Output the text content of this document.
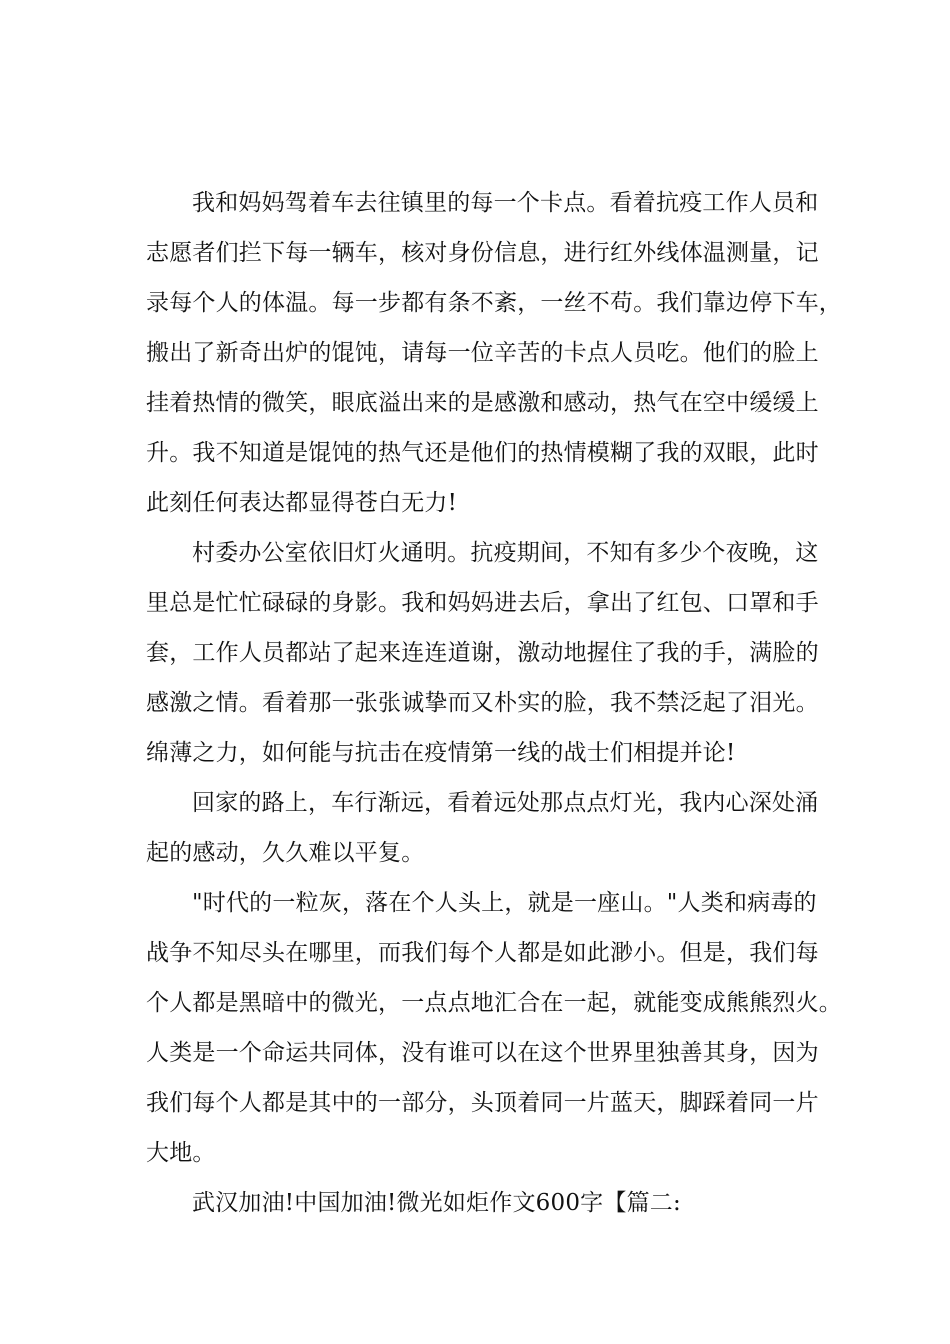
我和妈妈驾着车去往镇里的每一个卡点。看着抗疫工作人员和
志愿者们拦下每一辆车，核对身份信息，进行红外线体温测量，记
录每个人的体温。每一步都有条不紊，一丝不苟。我们靠边停下车，
搬出了新奇出炉的馄饨，请每一位辛苦的卡点人员吃。他们的脸上
挂着热情的微笑，眼底溢出来的是感激和感动，热气在空中缓缓上
升。我不知道是馄饨的热气还是他们的热情模糊了我的双眼，此时
此刻任何表达都显得苍白无力!
村委办公室依旧灯火通明。抗疫期间，不知有多少个夜晚，这
里总是忙忙碌碌的身影。我和妈妈进去后，拿出了红包、口罩和手
套，工作人员都站了起来连连道谢，激动地握住了我的手，满脸的
感激之情。看着那一张张诚挚而又朴实的脸，我不禁泛起了泪光。
绵薄之力，如何能与抗击在疫情第一线的战士们相提并论!
回家的路上，车行渐远，看着远处那点点灯光，我内心深处涌
起的感动，久久难以平复。
"时代的一粒灰，落在个人头上，就是一座山。"人类和病毒的
战争不知尽头在哪里，而我们每个人都是如此渺小。但是，我们每
个人都是黑暗中的微光，一点点地汇合在一起，就能变成熊熊烈火。
人类是一个命运共同体，没有谁可以在这个世界里独善其身，因为
我们每个人都是其中的一部分，头顶着同一片蓝天，脚踩着同一片
大地。
武汉加油!中国加油!微光如炬作文600字【篇二:
